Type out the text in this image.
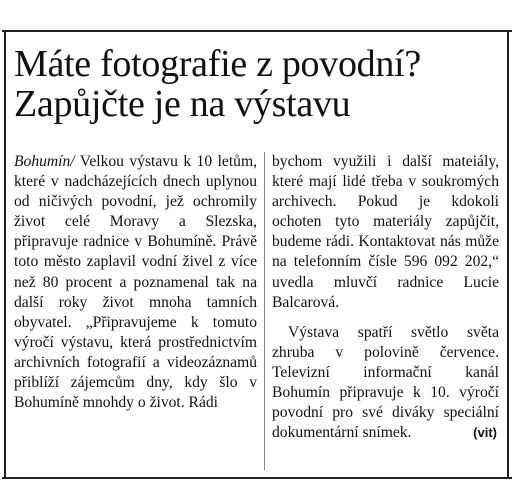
Máte fotografie z povodní?
Zapůjčte je na výstavu

Bohumín/ Velkou výstavu k 10 letům, které v nadcházejících dnech uplynou od ničivých povodní, jež ochromily život celé Moravy a Slezska, připravuje radnice v Bohumíně. Právě toto město zaplavil vodní živel z více než 80 procent a poznamenal tak na další roky život mnoha tamních obyvatel. „Připravujeme k tomuto výročí výstavu, která prostřednictvím archivních fotografií a videozáznamů přiblíží zájemcům dny, kdy šlo v Bohumíně mnohdy o život. Rádi

bychom využili i další mateiály, které mají lidé třeba v soukromých archivech. Pokud je kdokoli ochoten tyto materiály zapůjčit, budeme rádi. Kontaktovat nás může na telefonním čísle 596 092 202,“ uvedla mluvčí radnice Lucie Balcarová.

Výstava spatří světlo světa zhruba v polovině července. Televizní informační kanál Bohumín připravuje k 10. výročí povodní pro své diváky speciální dokumentární snímek.	(vit)
